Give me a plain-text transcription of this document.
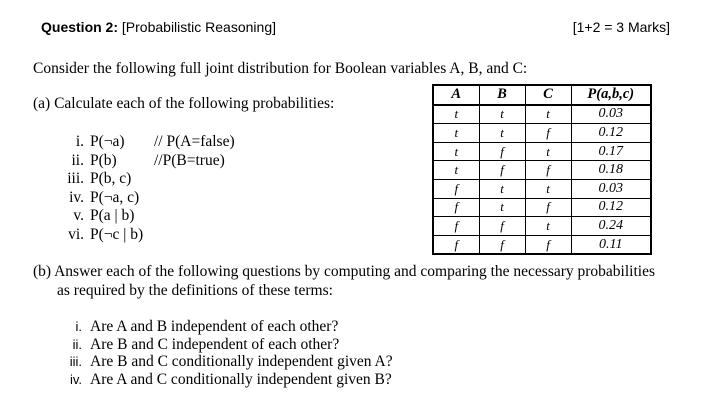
Question 2: [Probabilistic Reasoning]	[1+2 = 3 Marks]
Consider the following full joint distribution for Boolean variables A, B, and C:
(a) Calculate each of the following probabilities:
i. P(¬a)	// P(A=false)
ii. P(b)	//P(B=true)
iii. P(b, c)
iv. P(¬a, c)
v. P(a | b)
vi. P(¬c | b)
A	B	C	P(a,b,c)
t	t	t	0.03
t	t	f	0.12
t	f	t	0.17
t	f	f	0.18
f	t	t	0.03
f	t	f	0.12
f	f	t	0.24
f	f	f	0.11
(b) Answer each of the following questions by computing and comparing the necessary probabilities
as required by the definitions of these terms:
i. Are A and B independent of each other?
ii. Are B and C independent of each other?
iii. Are B and C conditionally independent given A?
iv. Are A and C conditionally independent given B?
